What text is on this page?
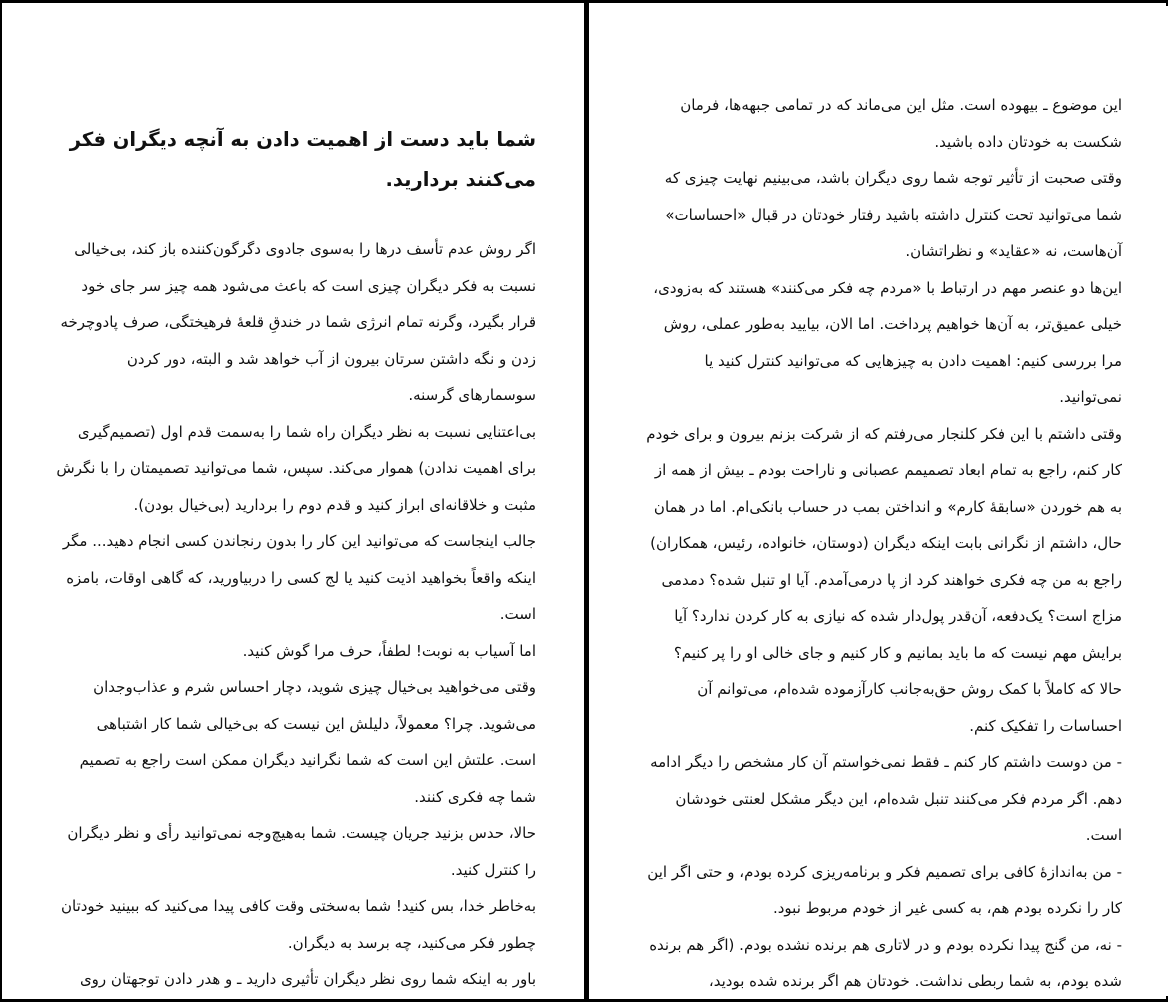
شما باید دست از اهمیت دادن به آنچه دیگران فکر می‌کنند بردارید.

اگر روش عدم تأسف درها را به‌سوی جادوی دگرگون‌کننده باز کند، بی‌خیالی نسبت به فکر دیگران چیزی است که باعث می‌شود همه چیز سر جای خود قرار بگیرد، وگرنه تمام انرژی شما در خندقِ قلعهٔ فرهیختگی، صرف پادوچرخه زدن و نگه داشتن سرتان بیرون از آب خواهد شد و البته، دور کردن سوسمارهای گرسنه.

بی‌اعتنایی نسبت به نظر دیگران راه شما را به‌سمت قدم اول (تصمیم‌گیری برای اهمیت ندادن) هموار می‌کند. سپس، شما می‌توانید تصمیمتان را با نگرش مثبت و خلاقانه‌ای ابراز کنید و قدم دوم را بردارید (بی‌خیال بودن).

جالب اینجاست که می‌توانید این کار را بدون رنجاندن کسی انجام دهید... مگر اینکه واقعاً بخواهید اذیت کنید یا لج کسی را دربیاورید، که گاهی اوقات، بامزه است.

اما آسیاب به نوبت! لطفاً، حرف مرا گوش کنید.

وقتی می‌خواهید بی‌خیال چیزی شوید، دچار احساس شرم و عذاب‌وجدان می‌شوید. چرا؟ معمولاً، دلیلش این نیست که بی‌خیالی شما کار اشتباهی است. علتش این است که شما نگرانید دیگران ممکن است راجع به تصمیم شما چه فکری کنند.

حالا، حدس بزنید جریان چیست. شما به‌هیچ‌وجه نمی‌توانید رأی و نظر دیگران را کنترل کنید.

به‌خاطر خدا، بس کنید! شما به‌سختی وقت کافی پیدا می‌کنید که ببینید خودتان چطور فکر می‌کنید، چه برسد به دیگران.

باور به اینکه شما روی نظر دیگران تأثیری دارید ـ و هدر دادن توجهتان روی

این موضوع ـ بیهوده است. مثل این می‌ماند که در تمامی جبهه‌ها، فرمان شکست به خودتان داده باشید.

وقتی صحبت از تأثیر توجه شما روی دیگران باشد، می‌بینیم نهایت چیزی که شما می‌توانید تحت کنترل داشته باشید رفتار خودتان در قبال «احساسات» آن‌هاست، نه «عقاید» و نظراتشان.

این‌ها دو عنصر مهم در ارتباط با «مردم چه فکر می‌کنند» هستند که به‌زودی، خیلی عمیق‌تر، به آن‌ها خواهیم پرداخت. اما الان، بیایید به‌طور عملی، روش مرا بررسی کنیم: اهمیت دادن به چیزهایی که می‌توانید کنترل کنید یا نمی‌توانید.

وقتی داشتم با این فکر کلنجار می‌رفتم که از شرکت بزنم بیرون و برای خودم کار کنم، راجع به تمام ابعاد تصمیمم عصبانی و ناراحت بودم ـ بیش از همه از به هم خوردن «سابقهٔ کارم» و انداختن بمب در حساب بانکی‌ام. اما در همان حال، داشتم از نگرانی بابت اینکه دیگران (دوستان، خانواده، رئیس، همکاران) راجع به من چه فکری خواهند کرد از پا درمی‌آمدم. آیا او تنبل شده؟ دمدمی مزاج است؟ یک‌دفعه، آن‌قدر پول‌دار شده که نیازی به کار کردن ندارد؟ آیا برایش مهم نیست که ما باید بمانیم و کار کنیم و جای خالی او را پر کنیم؟

حالا که کاملاً با کمک روش حق‌به‌جانب کارآزموده شده‌ام، می‌توانم آن احساسات را تفکیک کنم.

- من دوست داشتم کار کنم ـ فقط نمی‌خواستم آن کار مشخص را دیگر ادامه دهم. اگر مردم فکر می‌کنند تنبل شده‌ام، این دیگر مشکل لعنتی خودشان است.

- من به‌اندازهٔ کافی برای تصمیم فکر و برنامه‌ریزی کرده بودم، و حتی اگر این کار را نکرده بودم هم، به کسی غیر از خودم مربوط نبود.

- نه، من گنج پیدا نکرده بودم و در لاتاری هم برنده نشده بودم. (اگر هم برنده شده بودم، به شما ربطی نداشت. خودتان هم اگر برنده شده بودید،
